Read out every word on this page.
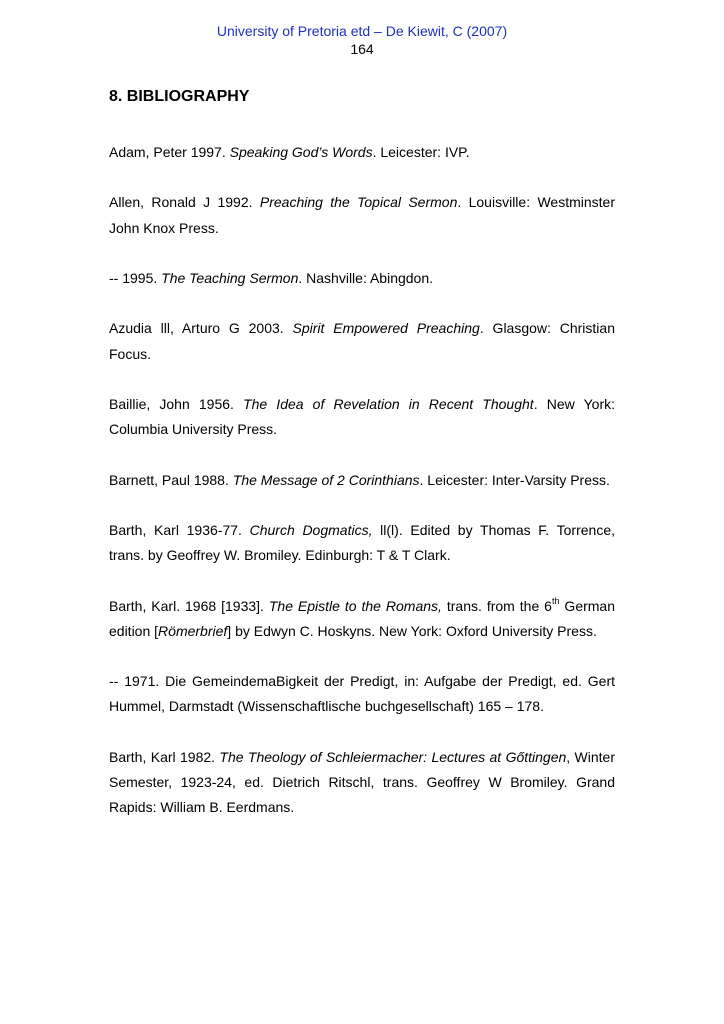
University of Pretoria etd – De Kiewit, C (2007)
164
8. BIBLIOGRAPHY
Adam, Peter 1997. Speaking God’s Words. Leicester: IVP.
Allen, Ronald J 1992. Preaching the Topical Sermon. Louisville: Westminster John Knox Press.
-- 1995. The Teaching Sermon. Nashville: Abingdon.
Azudia lll, Arturo G 2003. Spirit Empowered Preaching. Glasgow: Christian Focus.
Baillie, John 1956. The Idea of Revelation in Recent Thought. New York: Columbia University Press.
Barnett, Paul 1988. The Message of 2 Corinthians. Leicester: Inter-Varsity Press.
Barth, Karl 1936-77. Church Dogmatics, ll(l). Edited by Thomas F. Torrence, trans. by Geoffrey W. Bromiley. Edinburgh: T & T Clark.
Barth, Karl. 1968 [1933]. The Epistle to the Romans, trans. from the 6th German edition [Römerbrief] by Edwyn C. Hoskyns. New York: Oxford University Press.
-- 1971. Die GemeindemaBigkeit der Predigt, in: Aufgabe der Predigt, ed. Gert Hummel, Darmstadt (Wissenschaftlische buchgesellschaft) 165 – 178.
Barth, Karl 1982. The Theology of Schleiermacher: Lectures at Gőttingen, Winter Semester, 1923-24, ed. Dietrich Ritschl, trans. Geoffrey W Bromiley. Grand Rapids: William B. Eerdmans.
